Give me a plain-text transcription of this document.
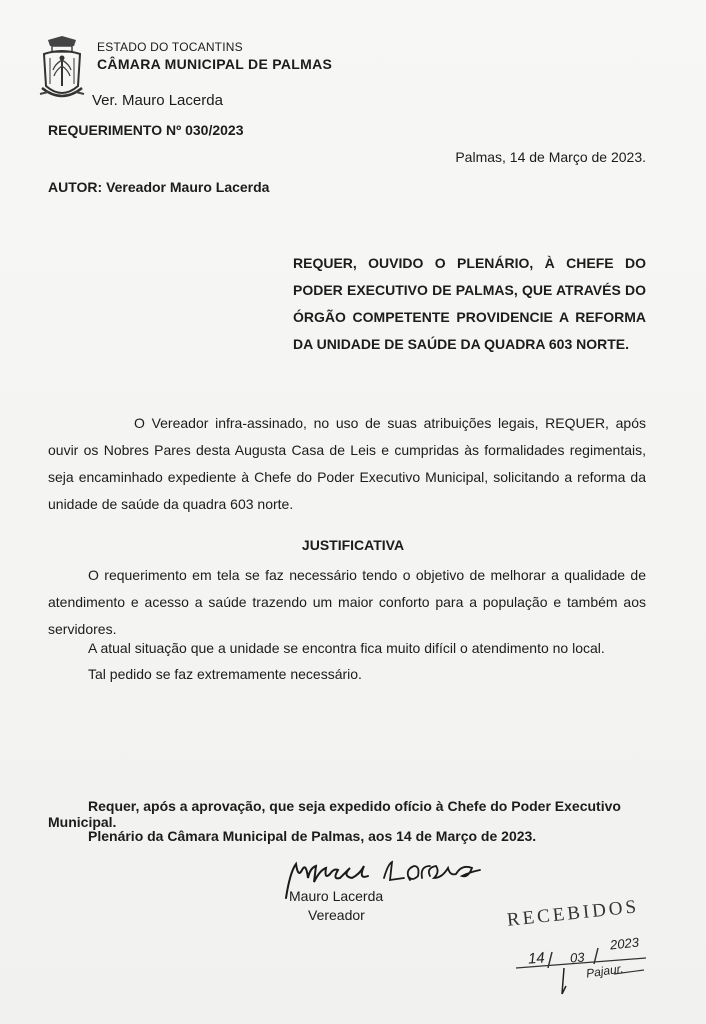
ESTADO DO TOCANTINS
CÂMARA MUNICIPAL DE PALMAS
Ver. Mauro Lacerda
REQUERIMENTO Nº 030/2023
Palmas, 14 de Março de 2023.
AUTOR: Vereador Mauro Lacerda
REQUER, OUVIDO O PLENÁRIO, À CHEFE DO PODER EXECUTIVO DE PALMAS, QUE ATRAVÉS DO ÓRGÃO COMPETENTE PROVIDENCIE A REFORMA DA UNIDADE DE SAÚDE DA QUADRA 603 NORTE.
O Vereador infra-assinado, no uso de suas atribuições legais, REQUER, após ouvir os Nobres Pares desta Augusta Casa de Leis e cumpridas às formalidades regimentais, seja encaminhado expediente à Chefe do Poder Executivo Municipal, solicitando a reforma da unidade de saúde da quadra 603 norte.
JUSTIFICATIVA
O requerimento em tela se faz necessário tendo o objetivo de melhorar a qualidade de atendimento e acesso a saúde trazendo um maior conforto para a população e também aos servidores.
A atual situação que a unidade se encontra fica muito difícil o atendimento no local.
Tal pedido se faz extremamente necessário.
Requer, após a aprovação, que seja expedido ofício à Chefe do Poder Executivo Municipal.
Plenário da Câmara Municipal de Palmas, aos 14 de Março de 2023.
Mauro Lacerda
Vereador	RECEBIDOS
14 03
2023
Pajaur.
